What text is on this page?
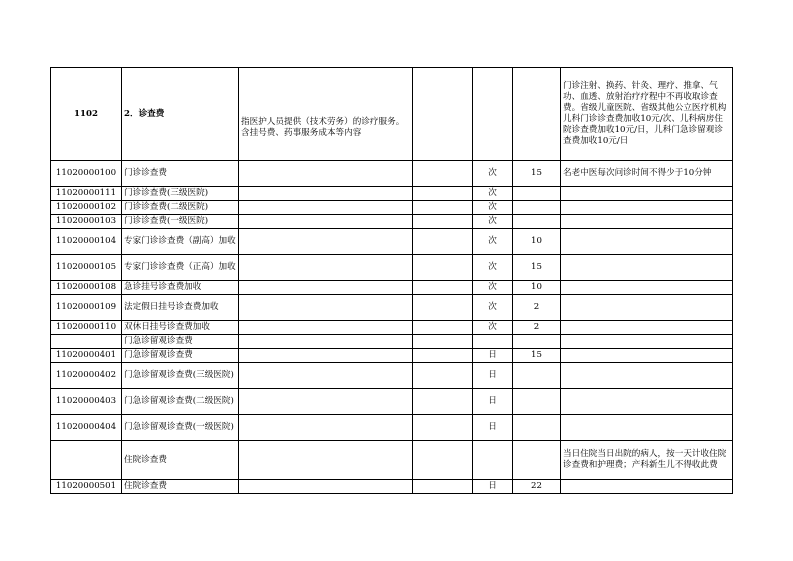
1102	2．诊查费	指医护人员提供（技术劳务）的诊疗服务。含挂号费、药事服务成本等内容				门诊注射、换药、针灸、理疗、推拿、气功、血透、放射治疗疗程中不再收取诊查费。省级儿童医院、省级其他公立医疗机构儿科门诊诊查费加收10元/次、儿科病房住院诊查费加收10元/日，儿科门急诊留观诊查费加收10元/日
11020000100	门诊诊查费			次	15	名老中医每次问诊时间不得少于10分钟
11020000111	门诊诊查费(三级医院)			次		
11020000102	门诊诊查费(二级医院)			次		
11020000103	门诊诊查费(一级医院)			次		
11020000104	专家门诊诊查费（副高）加收			次	10	
11020000105	专家门诊诊查费（正高）加收			次	15	
11020000108	急诊挂号诊查费加收			次	10	
11020000109	法定假日挂号诊查费加收			次	2	
11020000110	双休日挂号诊查费加收			次	2	
	门急诊留观诊查费					
11020000401	门急诊留观诊查费			日	15	
11020000402	门急诊留观诊查费(三级医院)			日		
11020000403	门急诊留观诊查费(二级医院)			日		
11020000404	门急诊留观诊查费(一级医院)			日		
	住院诊查费					当日住院当日出院的病人，按一天计收住院诊查费和护理费；产科新生儿不得收此费
11020000501	住院诊查费			日	22	
